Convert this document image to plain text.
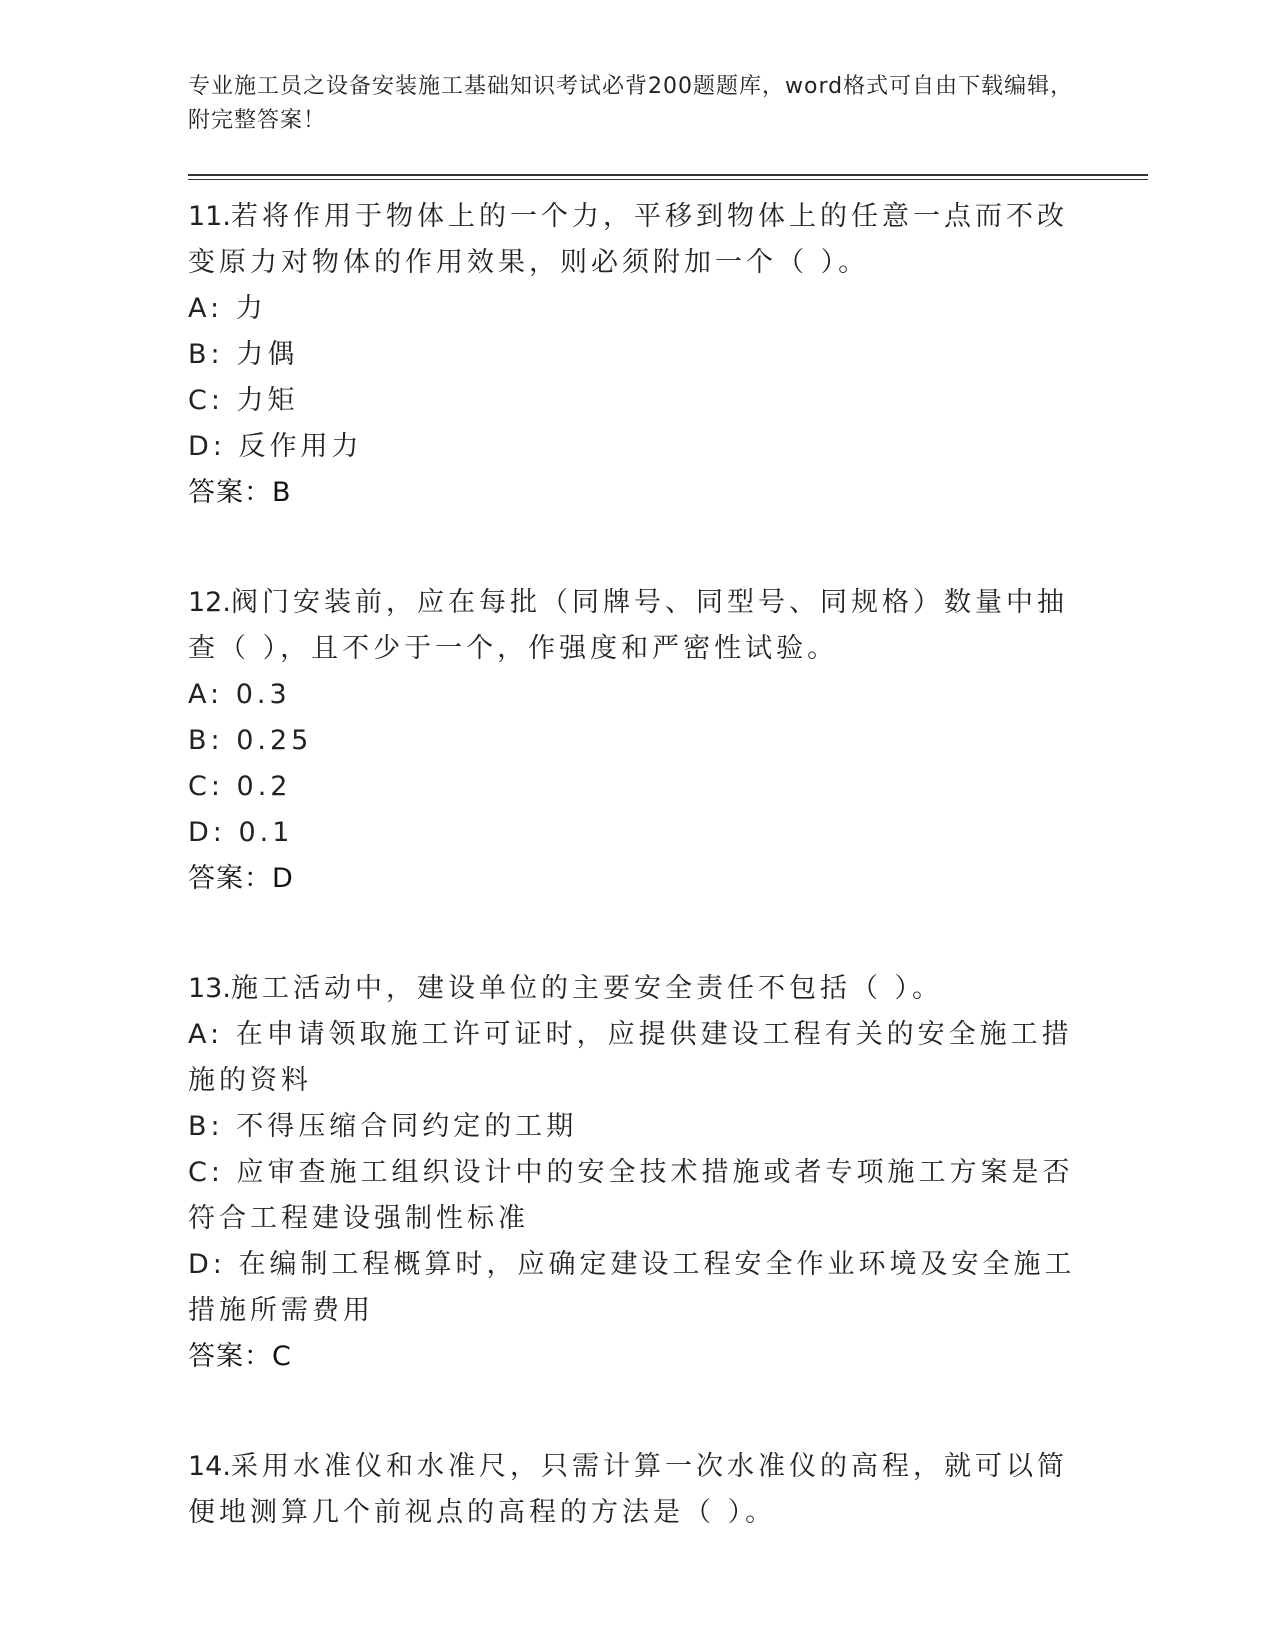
专业施工员之设备安装施工基础知识考试必背200题题库，word格式可自由下载编辑，附完整答案！
11.若将作用于物体上的一个力，平移到物体上的任意一点而不改变原力对物体的作用效果，则必须附加一个（ ）。
A: 力
B: 力偶
C: 力矩
D: 反作用力
答案：B
12.阀门安装前，应在每批（同牌号、同型号、同规格）数量中抽查（ ），且不少于一个，作强度和严密性试验。
A: 0.3
B: 0.25
C: 0.2
D: 0.1
答案：D
13.施工活动中，建设单位的主要安全责任不包括（ ）。
A: 在申请领取施工许可证时，应提供建设工程有关的安全施工措施的资料
B: 不得压缩合同约定的工期
C: 应审查施工组织设计中的安全技术措施或者专项施工方案是否符合工程建设强制性标准
D: 在编制工程概算时，应确定建设工程安全作业环境及安全施工措施所需费用
答案：C
14.采用水准仪和水准尺，只需计算一次水准仪的高程，就可以简便地测算几个前视点的高程的方法是（ ）。
